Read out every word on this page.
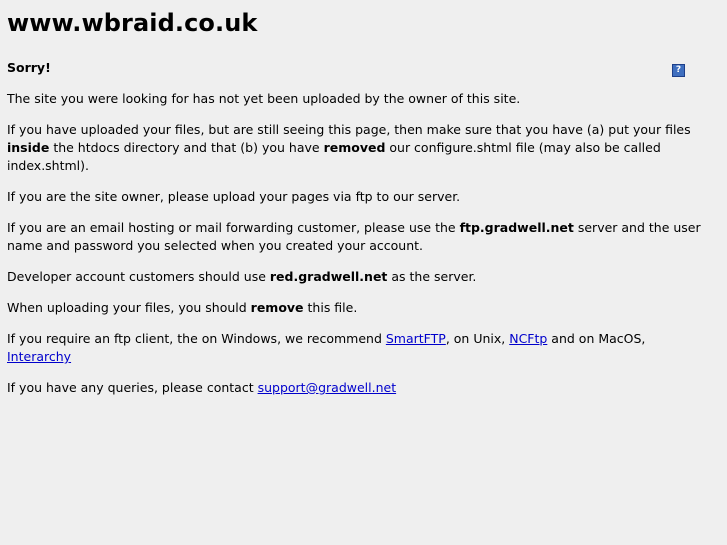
www.wbraid.co.uk
?
Sorry!

The site you were looking for has not yet been uploaded by the owner of this site.

If you have uploaded your files, but are still seeing this page, then make sure that you have (a) put your files inside the htdocs directory and that (b) you have removed our configure.shtml file (may also be called index.shtml).

If you are the site owner, please upload your pages via ftp to our server.

If you are an email hosting or mail forwarding customer, please use the ftp.gradwell.net server and the user name and password you selected when you created your account.

Developer account customers should use red.gradwell.net as the server.

When uploading your files, you should remove this file.

If you require an ftp client, the on Windows, we recommend SmartFTP, on Unix, NCFtp and on MacOS, Interarchy

If you have any queries, please contact support@gradwell.net
